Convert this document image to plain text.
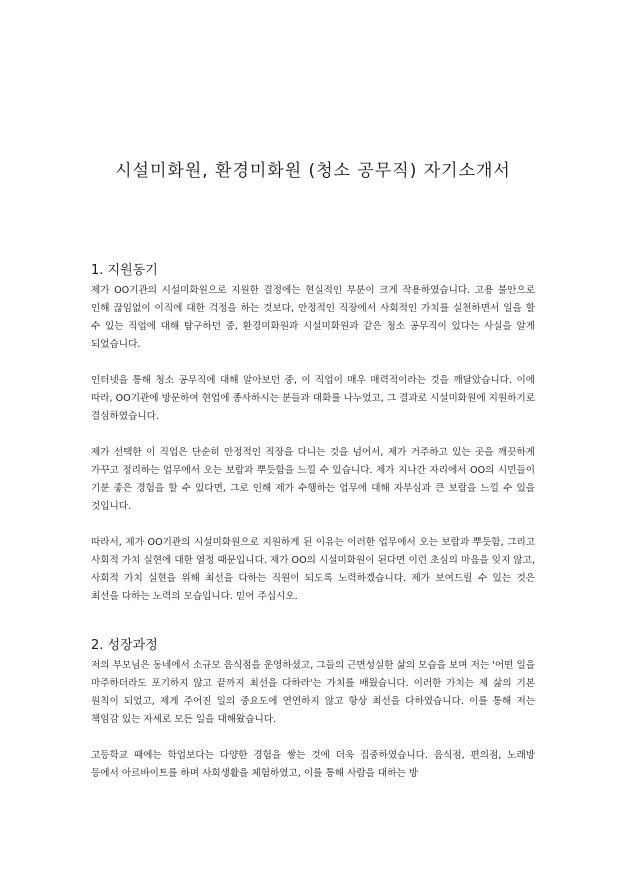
시설미화원, 환경미화원 (청소 공무직) 자기소개서
1. 지원동기

제가 OO기관의 시설미화원으로 지원한 결정에는 현실적인 부분이 크게 작용하였습니다. 고용 불안으로 인해 끊임없이 이직에 대한 걱정을 하는 것보다, 안정적인 직장에서 사회적인 가치를 실천하면서 일을 할 수 있는 직업에 대해 탐구하던 중, 환경미화원과 시설미화원과 같은 청소 공무직이 있다는 사실을 알게 되었습니다.

인터넷을 통해 청소 공무직에 대해 알아보던 중, 이 직업이 매우 매력적이라는 것을 깨달았습니다. 이에 따라, OO기관에 방문하여 현업에 종사하시는 분들과 대화를 나누었고, 그 결과로 시설미화원에 지원하기로 결심하였습니다.

제가 선택한 이 직업은 단순히 안정적인 직장을 다니는 것을 넘어서, 제가 거주하고 있는 곳을 깨끗하게 가꾸고 정리하는 업무에서 오는 보람과 뿌듯함을 느낄 수 있습니다. 제가 지나간 자리에서 OO의 시민들이 기분 좋은 경험을 할 수 있다면, 그로 인해 제가 수행하는 업무에 대해 자부심과 큰 보람을 느낄 수 있을 것입니다.

따라서, 제가 OO기관의 시설미화원으로 지원하게 된 이유는 이러한 업무에서 오는 보람과 뿌듯함, 그리고 사회적 가치 실현에 대한 열정 때문입니다. 제가 OO의 시설미화원이 된다면 이런 초심의 마음을 잊지 않고, 사회적 가치 실현을 위해 최선을 다하는 직원이 되도록 노력하겠습니다. 제가 보여드릴 수 있는 것은 최선을 다하는 노력의 모습입니다. 믿어 주십시오.

2. 성장과정

저의 부모님은 동네에서 소규모 음식점을 운영하셨고, 그들의 근면성실한 삶의 모습을 보며 저는 '어떤 일을 마주하더라도 포기하지 않고 끝까지 최선을 다하라'는 가치를 배웠습니다. 이러한 가치는 제 삶의 기본 원칙이 되었고, 제게 주어진 일의 중요도에 연연하지 않고 항상 최선을 다하였습니다. 이를 통해 저는 책임감 있는 자세로 모든 일을 대해왔습니다.

고등학교 때에는 학업보다는 다양한 경험을 쌓는 것에 더욱 집중하였습니다. 음식점, 편의점, 노래방 등에서 아르바이트를 하며 사회생활을 체험하였고, 이를 통해 사람을 대하는 방
